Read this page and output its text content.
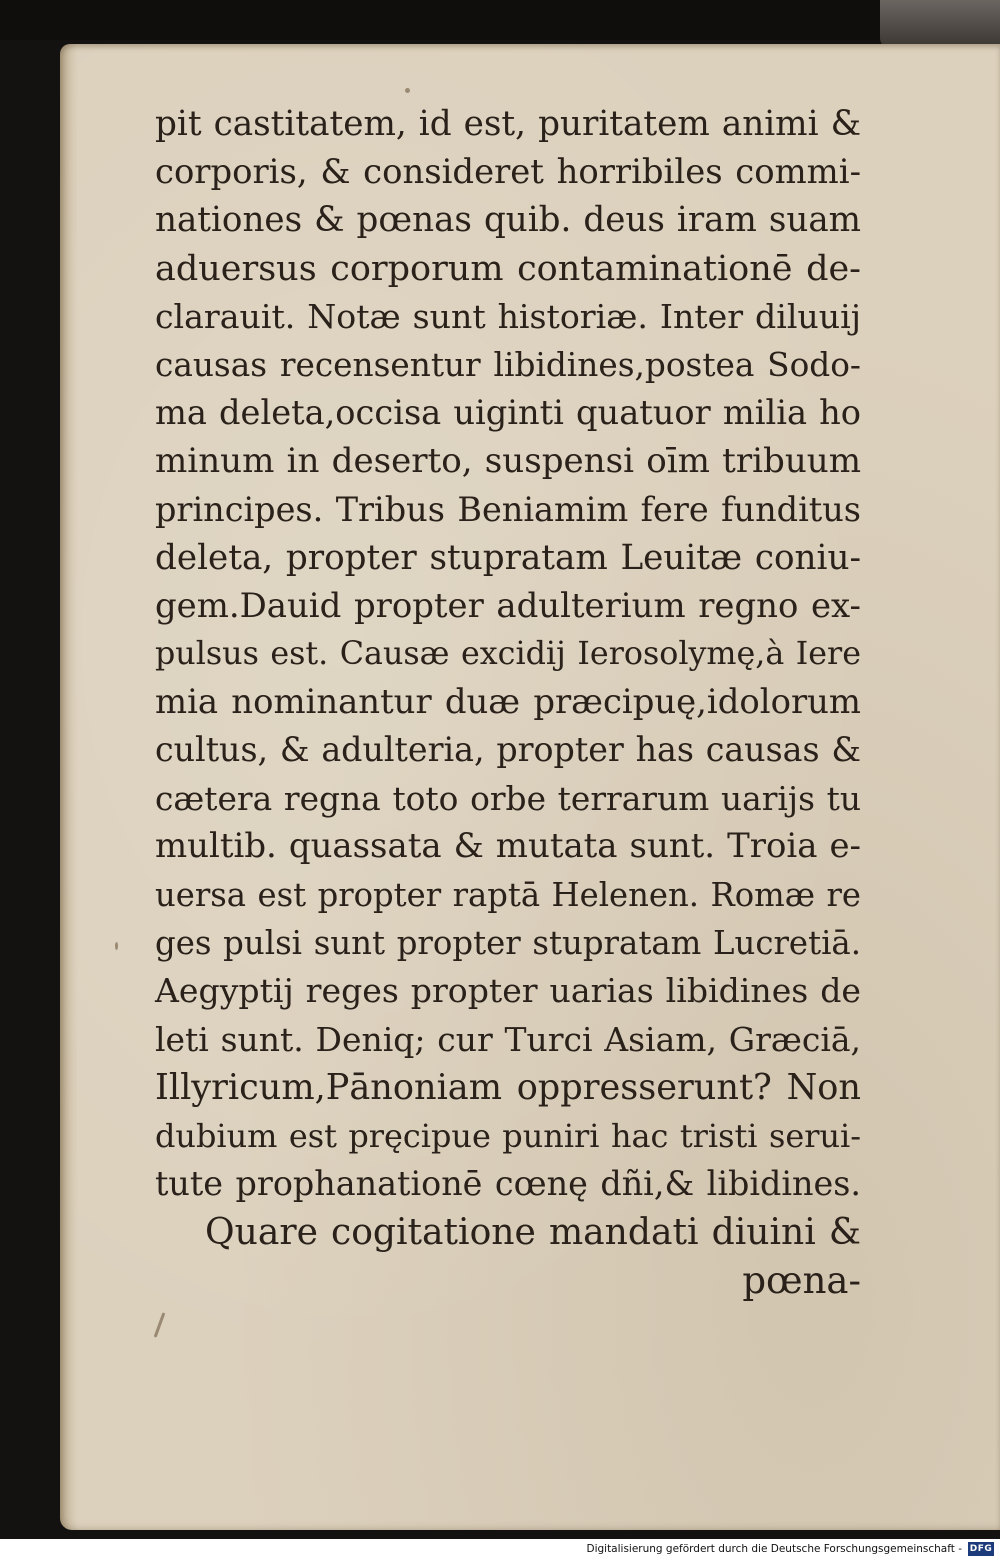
pit castitatem, id est, puritatem animi &
corporis, & consideret horribiles commi-
nationes & pœnas quib. deus iram suam
aduersus corporum contaminationē de-
clarauit. Notæ sunt historiæ. Inter diluuij
causas recensentur libidines,postea Sodo-
ma deleta,occisa uiginti quatuor milia ho
minum in deserto, suspensi oīm tribuum
principes. Tribus Beniamim fere funditus
deleta, propter stupratam Leuitæ coniu-
gem.Dauid propter adulterium regno ex-
pulsus est. Causæ excidij Ierosolymę,à Iere
mia nominantur duæ præcipuę,idolorum
cultus, & adulteria, propter has causas &
cætera regna toto orbe terrarum uarijs tu
multib. quassata & mutata sunt. Troia e-
uersa est propter raptā Helenen. Romæ re
ges pulsi sunt propter stupratam Lucretiā.
Aegyptij reges propter uarias libidines de
leti sunt. Deniq; cur Turci Asiam, Græciā,
Illyricum,Pānoniam oppresserunt? Non
dubium est pręcipue puniri hac tristi serui-
tute prophanationē cœnę dñi,& libidines.
Quare cogitatione mandati diuini &
pœna-
Digitalisierung gefördert durch die Deutsche Forschungsgemeinschaft - DFG
